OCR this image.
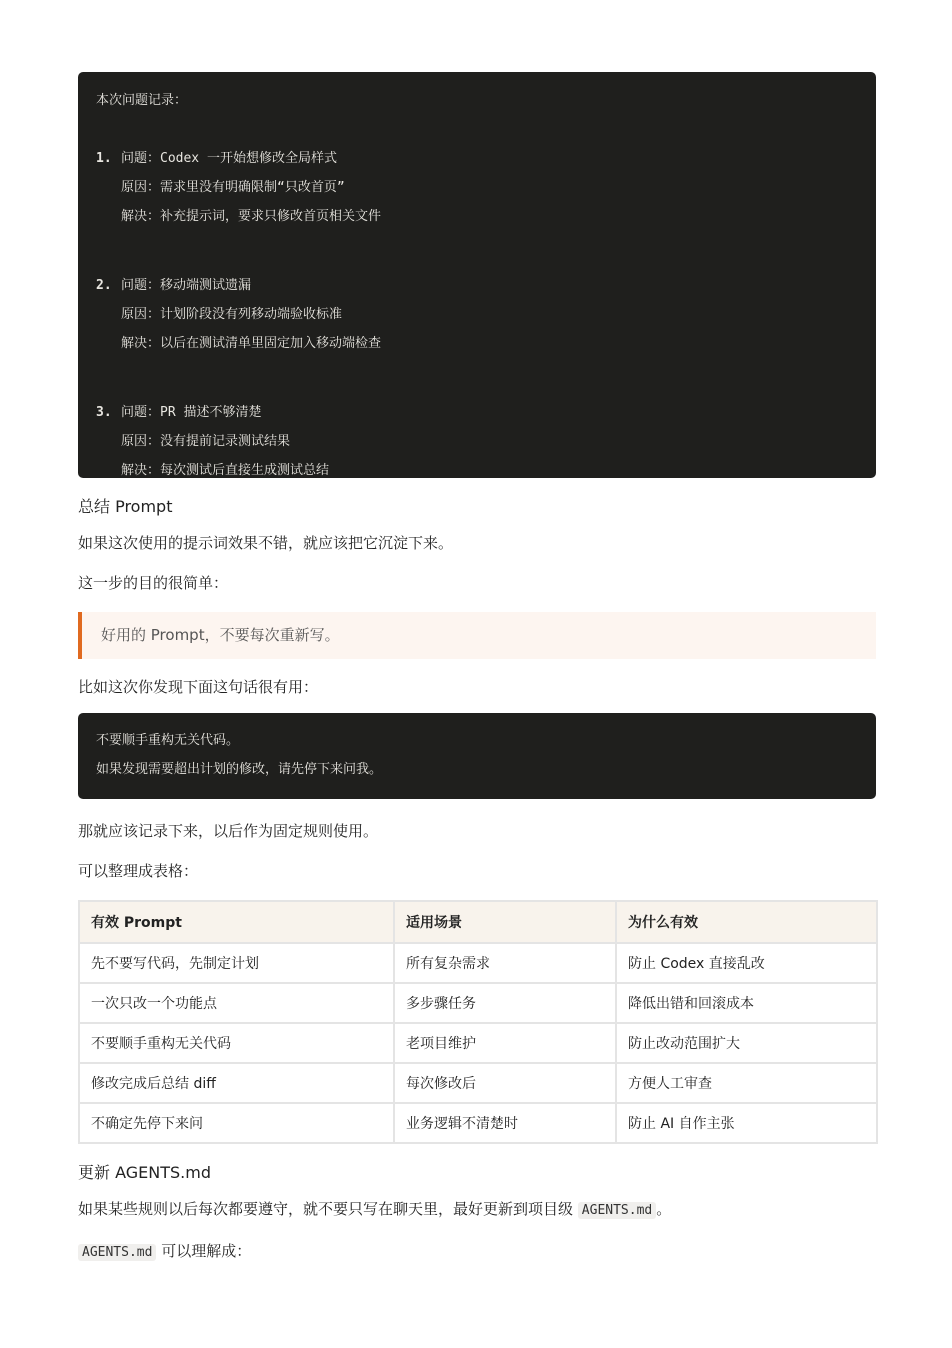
本次问题记录：
1. 问题：Codex 一开始想修改全局样式
原因：需求里没有明确限制“只改首页”
解决：补充提示词，要求只修改首页相关文件
2. 问题：移动端测试遗漏
原因：计划阶段没有列移动端验收标准
解决：以后在测试清单里固定加入移动端检查
3. 问题：PR 描述不够清楚
原因：没有提前记录测试结果
解决：每次测试后直接生成测试总结
总结 Prompt

如果这次使用的提示词效果不错，就应该把它沉淀下来。

这一步的目的很简单：

好用的 Prompt，不要每次重新写。

比如这次你发现下面这句话很有用：

不要顺手重构无关代码。
如果发现需要超出计划的修改，请先停下来问我。

那就应该记录下来，以后作为固定规则使用。

可以整理成表格：

有效 Prompt	适用场景	为什么有效
先不要写代码，先制定计划	所有复杂需求	防止 Codex 直接乱改
一次只改一个功能点	多步骤任务	降低出错和回滚成本
不要顺手重构无关代码	老项目维护	防止改动范围扩大
修改完成后总结 diff	每次修改后	方便人工审查
不确定先停下来问	业务逻辑不清楚时	防止 AI 自作主张
更新 AGENTS.md

如果某些规则以后每次都要遵守，就不要只写在聊天里，最好更新到项目级 AGENTS.md 。

AGENTS.md 可以理解成：
